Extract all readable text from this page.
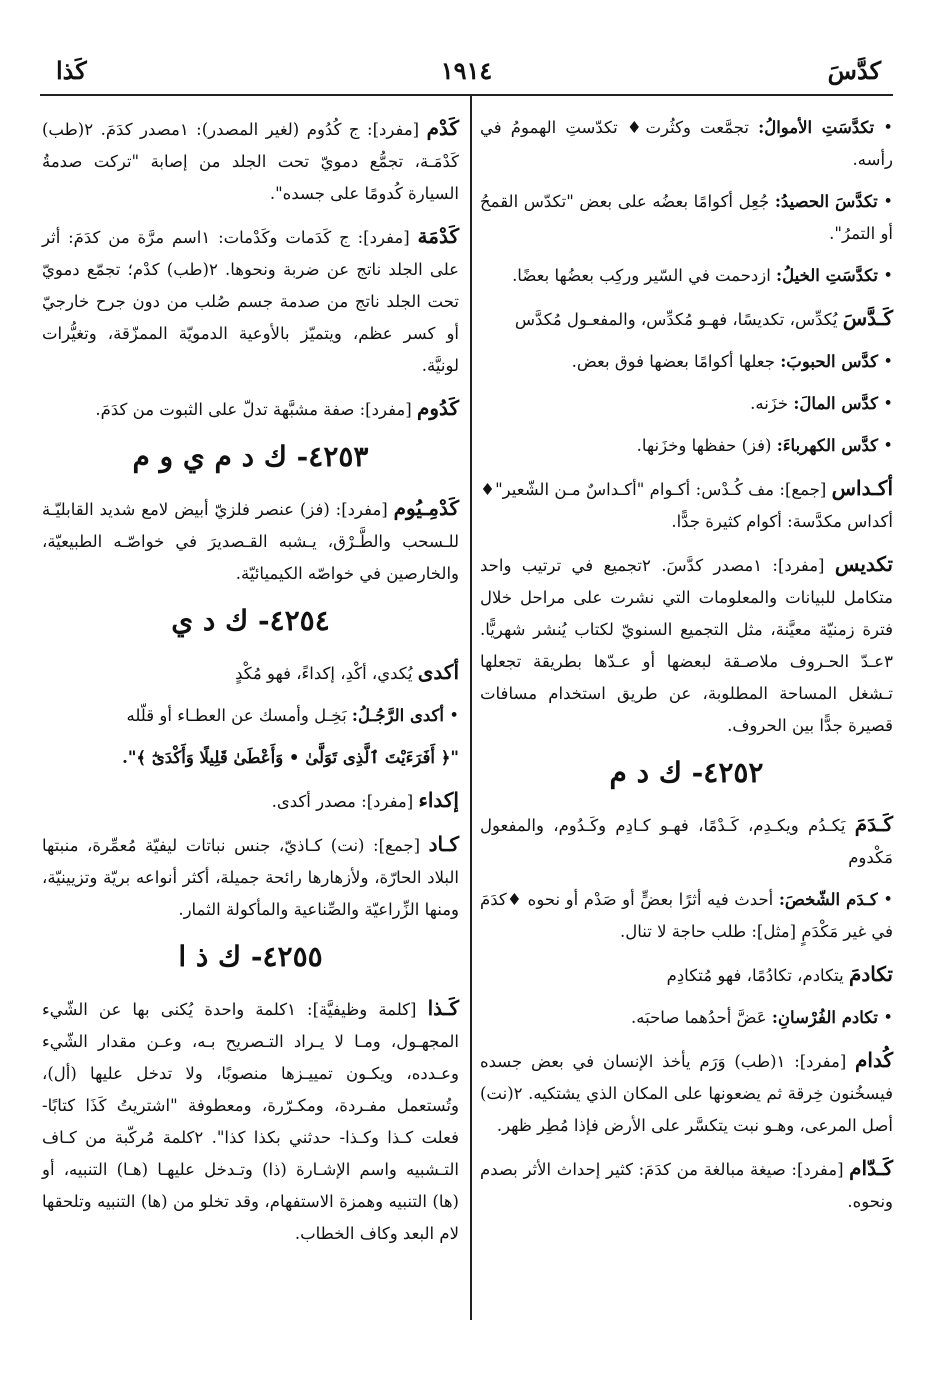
كدَّسَ
١٩١٤
كَذا

• تكدَّسَتِ الأموالُ: تجمَّعت وكثُرت♦ تكدّستِ الهمومُ في رأسه.

• تكدَّسَ الحصيدُ: جُعِل أكوامًا بعضُه على بعض "تكدّس القمحُ أو التمرُ".

• تكدَّسَتِ الخيلُ: ازدحمت في السّير وركِب بعضُها بعضًا.

كَـدَّسَ يُكدِّس، تكديسًا، فهـو مُكدِّس، والمفعـول مُكدَّس

• كدَّس الحبوبَ: جعلها أكوامًا بعضها فوق بعض.

• كدَّس المالَ: خزَنه.

• كدَّس الكهرباءَ: (فز) حفظها وخزَنها.

أكـداس [جمع]: مف كُـدْس: أكـوام "أكـداسٌ مـن الشّعير"♦ أكداس مكدَّسة: أكوام كثيرة جدًّا.

تكديس [مفرد]: ١مصدر كدَّسَ. ٢تجميع في ترتيب واحد متكامل للبيانات والمعلومات التي نشرت على مراحل خلال فترة زمنيّة معيَّنة، مثل التجميع السنويّ لكتاب يُنشر شهريًّا. ٣عـدّ الحـروف ملاصـقة لبعضها أو عـدّها بطريقة تجعلها تـشغل المساحة المطلوبة، عن طريق استخدام مسافات قصيرة جدًّا بين الحروف.

٤٢٥٢- ك د م

كَـدَمَ يَكـدُم ويكـدِم، كَـدْمًا، فهـو كـادِم وكَـدُوم، والمفعول مَكْدوم

• كـدَم الشّخصَ: أحدث فيه أثرًا بعضٍّ أو صَدْم أو نحوه ♦كدَمَ في غير مَكْدَمٍ [مثل]: طلب حاجة لا تنال.

تكادمَ يتكادم، تكادُمًا، فهو مُتكادِم

• تكادم الفُرْسانِ: عَضَّ أحدُهما صاحبَه.

كُدام [مفرد]: ١(طب) وَرَم يأخذ الإنسان في بعض جسده فيسخُنون خِرقة ثم يضعونها على المكان الذي يشتكيه. ٢(نت) أصل المرعى، وهـو نبت يتكسَّر على الأرض فإذا مُطِر ظهر.

كَـدّام [مفرد]: صيغة مبالغة من كدَمَ: كثير إحداث الأثر بصدم ونحوه.

كَدْم [مفرد]: ج كُدُوم (لغير المصدر): ١مصدر كدَمَ. ٢(طب) كَدْمَـة، تجمُّع دمويّ تحت الجلد من إصابة "تركت صدمةُ السيارة كُدومًا على جسده".

كَدْمَة [مفرد]: ج كَدَمات وكَدْمات: ١اسم مرَّة من كدَمَ: أثر على الجلد ناتج عن ضربة ونحوها. ٢(طب) كدْم؛ تجمّع دمويّ تحت الجلد ناتج من صدمة جسم صُلب من دون جرح خارجيّ أو كسر عظم، ويتميّز بالأوعية الدمويّة الممزّقة، وتغيُّرات لونيَّة.

كَدُوم [مفرد]: صفة مشبَّهة تدلّ على الثبوت من كدَمَ.

٤٢٥٣- ك د م ي و م

كَدْمِـيُوم [مفرد]: (فز) عنصر فلزيّ أبيض لامع شديد القابليّـة للـسحب والطَّـرْق، يـشبه القـصديرَ في خواصّـه الطبيعيّة، والخارصين في خواصّه الكيميائيّة.

٤٢٥٤- ك د ي

أكدى يُكدي، أكْدِ، إكداءً، فهو مُكْدٍ

• أكدى الرَّجُـلُ: بَخِـل وأمسك عن العطـاء أو قلّله

"﴿ أَفَرَءَيْتَ ٱلَّذِى تَوَلَّىٰ • وَأَعْطَىٰ قَلِيلًا وَأَكْدَىٰٓ ﴾".

إكداء [مفرد]: مصدر أكدى.

كـاد [جمع]: (نت) كـاذيّ، جنس نباتات ليفيّة مُعمِّرة، منبتها البلاد الحارّة، ولأزهارها رائحة جميلة، أكثر أنواعه بريّة وتزيينيّة، ومنها الزِّراعيّة والصِّناعية والمأكولة الثمار.

٤٢٥٥- ك ذ ا

كَـذا [كلمة وظيفيَّة]: ١كلمة واحدة يُكنى بها عن الشّيء المجهـول، ومـا لا يـراد التـصريح بـه، وعـن مقدار الشّيء وعـدده، ويكـون تمييـزها منصوبًا، ولا تدخل عليها (أل)، وتُستعمل مفـردة، ومكـرّرة، ومعطوفة "اشتريتُ كَذَا كتابًا- فعلت كـذا وكـذا- حدثني بكذا كذا". ٢كلمة مُركّبة من كـاف التـشبيه واسم الإشـارة (ذا) وتـدخل عليهـا (هـا) التنبيه، أو (ها) التنبيه وهمزة الاستفهام، وقد تخلو من (ها) التنبيه وتلحقها لام البعد وكاف الخطاب.
